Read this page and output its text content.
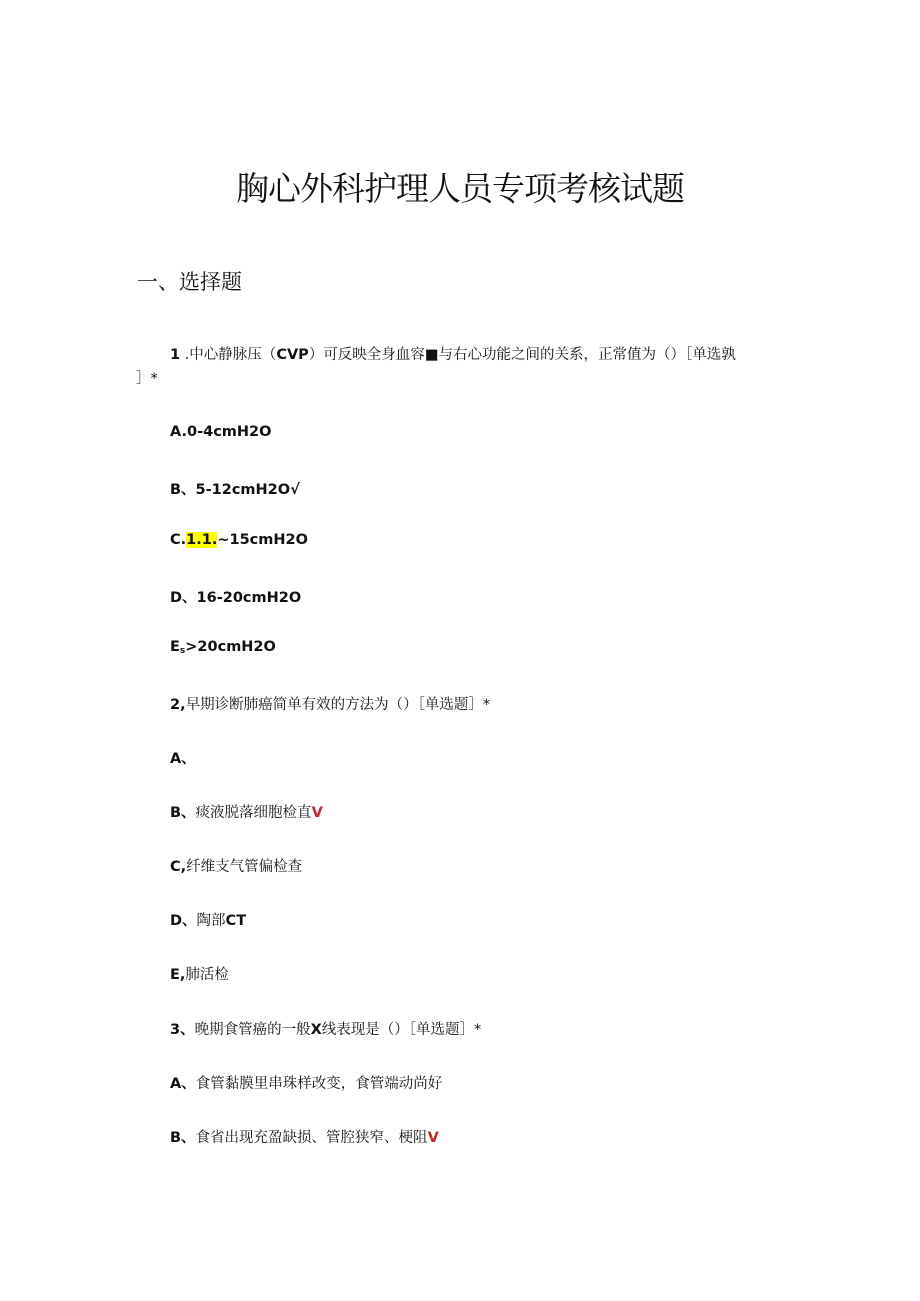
胸心外科护理人员专项考核试题
一、选择题
1 .中心静脉压（CVP）可反映全身血容■与右心功能之间的关系，正常值为（）［单选孰
］*
A.0-4cmH2O
B、5-12cmH2O√
C.1.1.~15cmH2O
D、16-20cmH2O
$E_s>20cmH2O$
2,早期诊断肺癌简单有效的方法为（）［单选题］*
A、
B、痰液脱落细胞检直V
C,纤维支气管偏检查
D、陶部CT
E,肺活检
3、晚期食管癌的一般X线表现是（）［单选题］*
A、食管黏膜里串珠样改变，食管端动尚好
B、食省出现充盈缺损、管腔狭窄、梗阻V
